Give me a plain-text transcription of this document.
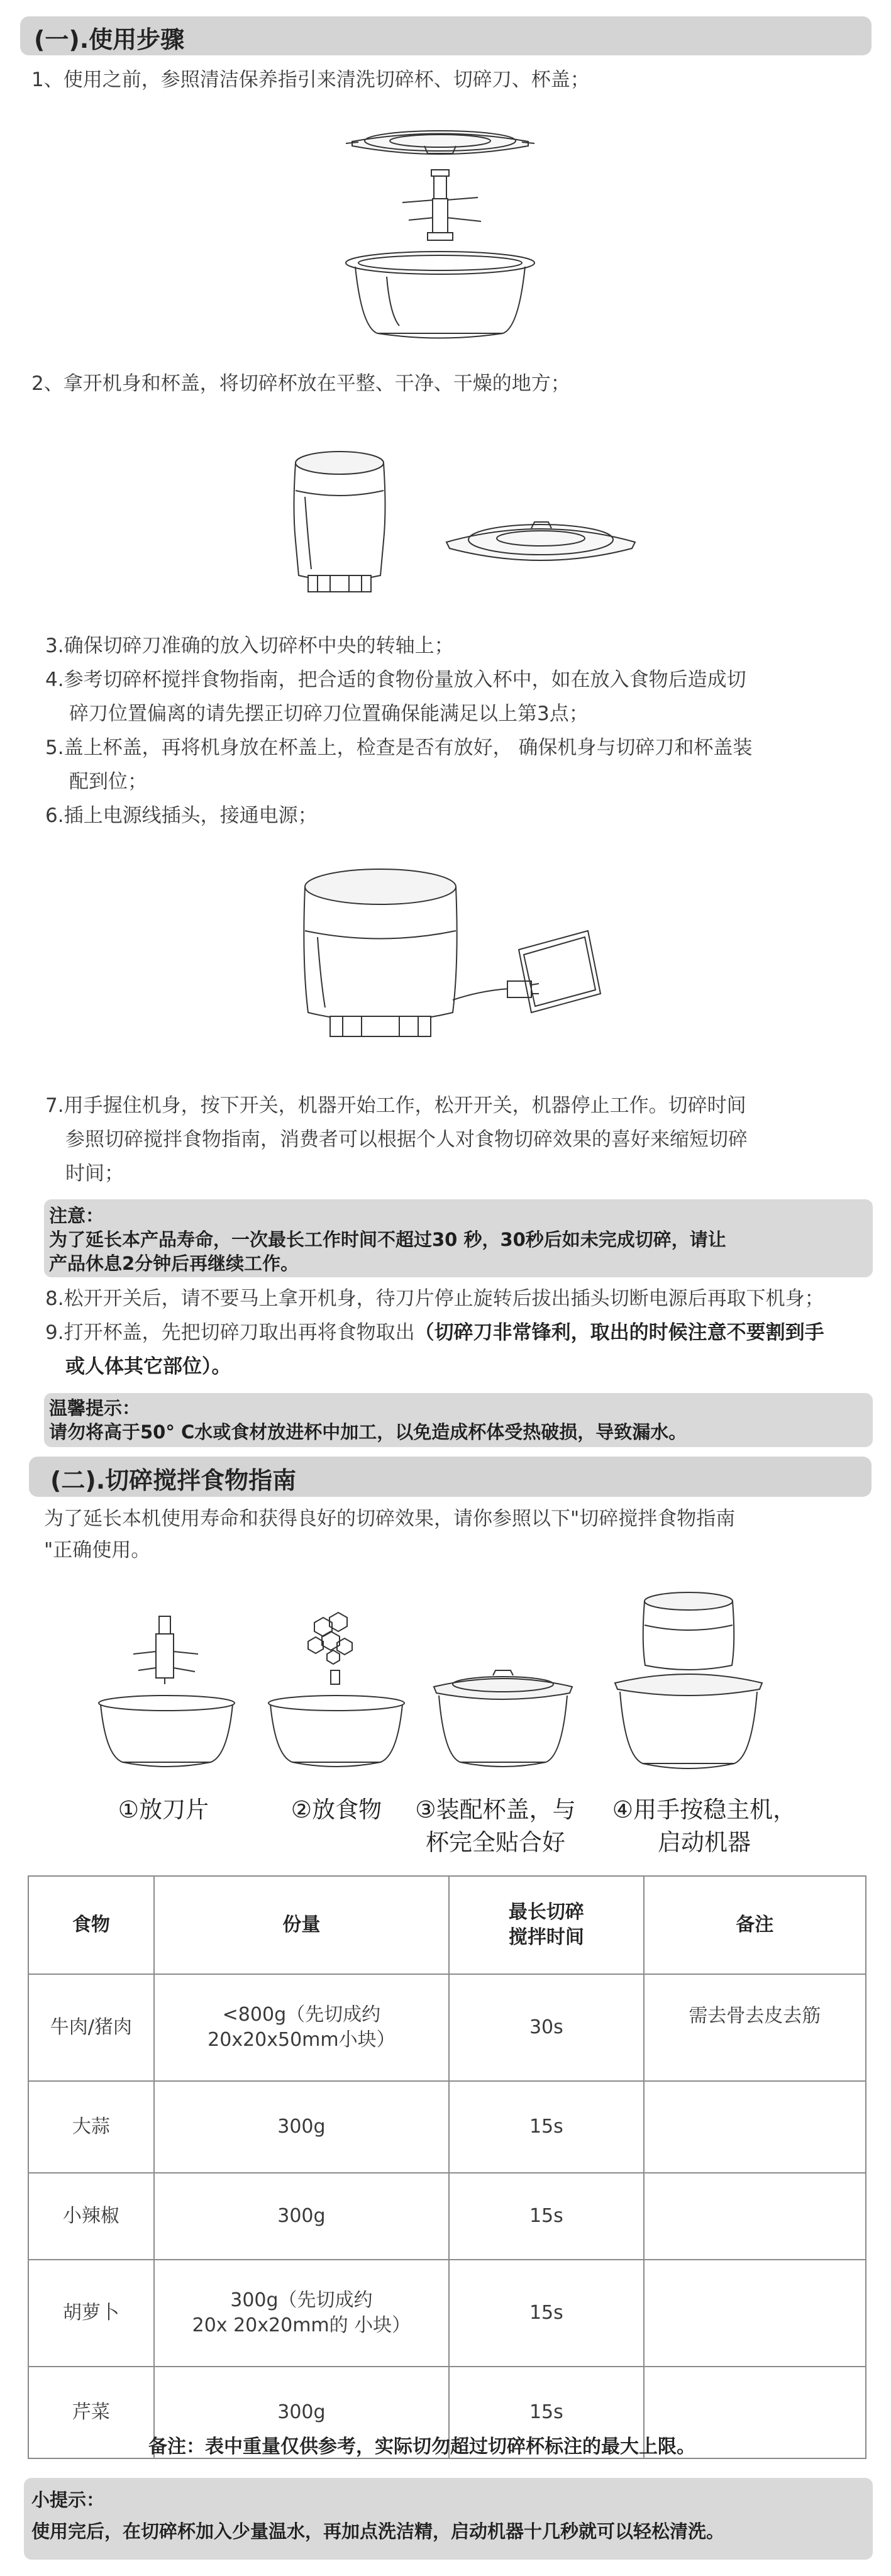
(一).使用步骤
1、使用之前，参照清洁保养指引来清洗切碎杯、切碎刀、杯盖；
2、拿开机身和杯盖，将切碎杯放在平整、干净、干燥的地方；
3.确保切碎刀准确的放入切碎杯中央的转轴上；
4.参考切碎杯搅拌食物指南，把合适的食物份量放入杯中，如在放入食物后造成切
碎刀位置偏离的请先摆正切碎刀位置确保能满足以上第3点；
5.盖上杯盖，再将机身放在杯盖上，检查是否有放好， 确保机身与切碎刀和杯盖装
配到位；
6.插上电源线插头，接通电源；
7.用手握住机身，按下开关，机器开始工作，松开开关，机器停止工作。切碎时间
参照切碎搅拌食物指南，消费者可以根据个人对食物切碎效果的喜好来缩短切碎
时间；
注意：
为了延长本产品寿命，一次最长工作时间不超过30 秒，30秒后如未完成切碎，请让
产品休息2分钟后再继续工作。
8.松开开关后，请不要马上拿开机身，待刀片停止旋转后拔出插头切断电源后再取下机身；
9.打开杯盖，先把切碎刀取出再将食物取出（切碎刀非常锋利，取出的时候注意不要割到手
或人体其它部位）。
温馨提示：
请勿将高于50° C水或食材放进杯中加工，以免造成杯体受热破损，导致漏水。
(二).切碎搅拌食物指南
为了延长本机使用寿命和获得良好的切碎效果，请你参照以下"切碎搅拌食物指南
"正确使用。
①放刀片	②放食物	③装配杯盖，与
杯完全贴合好
④用手按稳主机，
启动机器
食物	份量	最长切碎
搅拌时间	备注
牛肉/猪肉	<800g（先切成约
20x20x50mm小块）	30s	需去骨去皮去筋
大蒜	300g	15s	
小辣椒	300g	15s	
胡萝卜	300g（先切成约
20x 20x20mm的 小块）	15s	
芹菜	300g	15s	
备注：表中重量仅供参考，实际切勿超过切碎杯标注的最大上限。
小提示：
使用完后，在切碎杯加入少量温水，再加点洗洁精，启动机器十几秒就可以轻松清洗。
